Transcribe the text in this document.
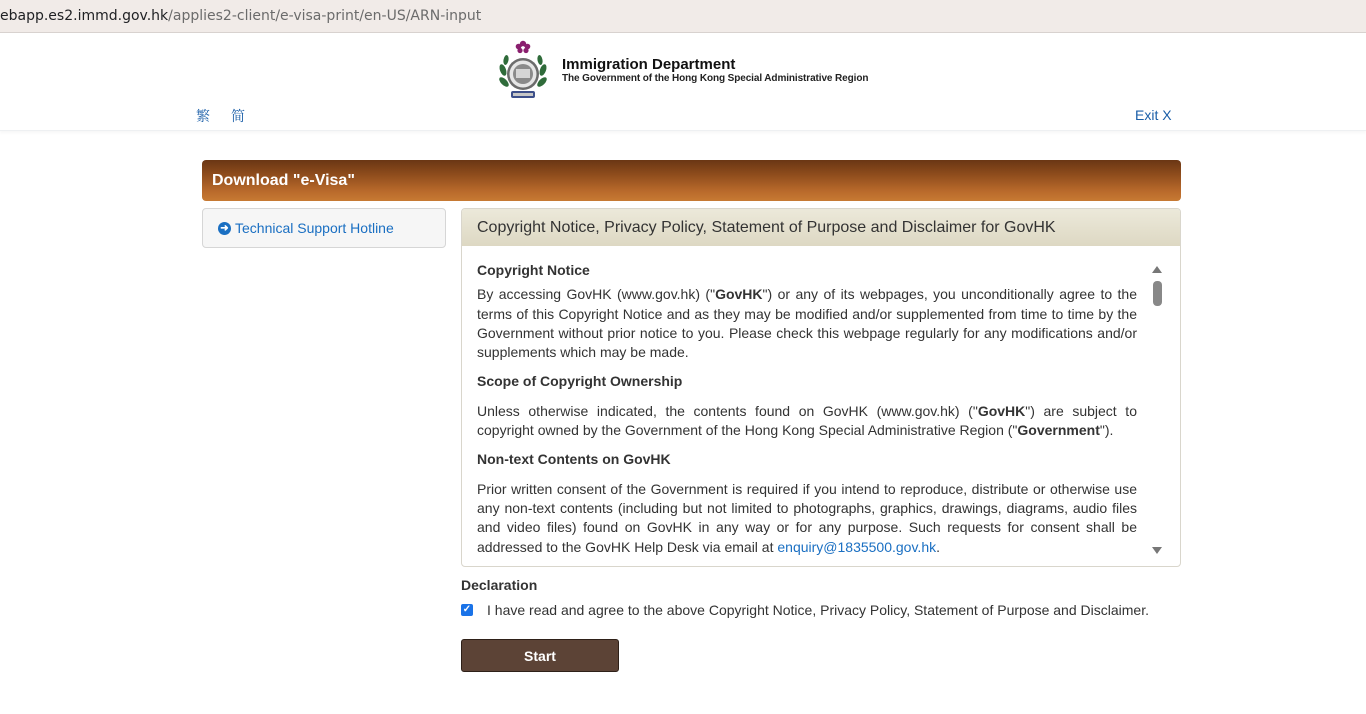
ebapp.es2.immd.gov.hk /applies2-client/e-visa-print/en-US/ARN-input
Immigration Department
The Government of the Hong Kong Special Administrative Region
繁 简	Exit X
Download "e-Visa"
➜ Technical Support Hotline	Copyright Notice, Privacy Policy, Statement of Purpose and Disclaimer for GovHK

Copyright Notice

By accessing GovHK (www.gov.hk) ("GovHK") or any of its webpages, you unconditionally agree to the terms of this Copyright Notice and as they may be modified and/or supplemented from time to time by the Government without prior notice to you. Please check this webpage regularly for any modifications and/or supplements which may be made.

Scope of Copyright Ownership

Unless otherwise indicated, the contents found on GovHK (www.gov.hk) ("GovHK") are subject to copyright owned by the Government of the Hong Kong Special Administrative Region ("Government").

Non-text Contents on GovHK

Prior written consent of the Government is required if you intend to reproduce, distribute or otherwise use any non-text contents (including but not limited to photographs, graphics, drawings, diagrams, audio files and video files) found on GovHK in any way or for any purpose. Such requests for consent shall be addressed to the GovHK Help Desk via email at enquiry@1835500.gov.hk.

Declaration
✓ I have read and agree to the above Copyright Notice, Privacy Policy, Statement of Purpose and Disclaimer.
Start
